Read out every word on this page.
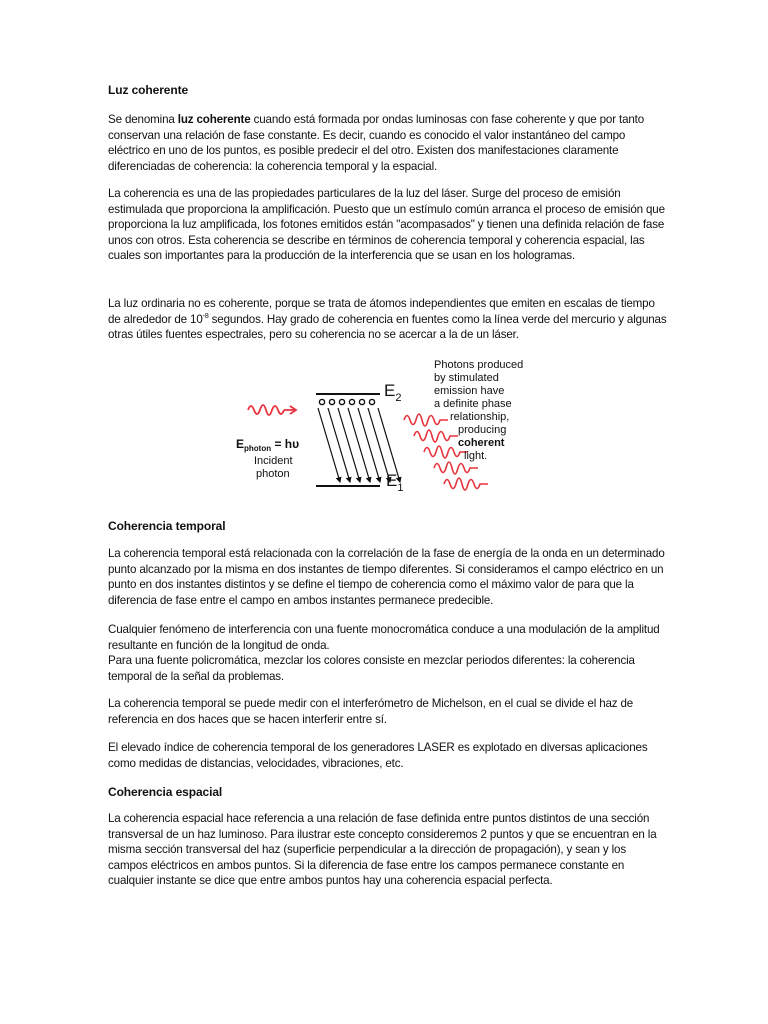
Luz coherente

Se denomina luz coherente cuando está formada por ondas luminosas con fase coherente y que por tanto conservan una relación de fase constante. Es decir, cuando es conocido el valor instantáneo del campo eléctrico en uno de los puntos, es posible predecir el del otro. Existen dos manifestaciones claramente diferenciadas de coherencia: la coherencia temporal y la espacial.

La coherencia es una de las propiedades particulares de la luz del láser. Surge del proceso de emisión estimulada que proporciona la amplificación. Puesto que un estímulo común arranca el proceso de emisión que proporciona la luz amplificada, los fotones emitidos están "acompasados" y tienen una definida relación de fase unos con otros. Esta coherencia se describe en términos de coherencia temporal y coherencia espacial, las cuales son importantes para la producción de la interferencia que se usan en los hologramas.

La luz ordinaria no es coherente, porque se trata de átomos independientes que emiten en escalas de tiempo de alrededor de $10^{-8}$ segundos. Hay grado de coherencia en fuentes como la línea verde del mercurio y algunas otras útiles fuentes espectrales, pero su coherencia no se acercar a la de un láser.

$E_2$
$E_1$
$E_{photon} = h\upsilon$
Incident
photon
Photons produced
by stimulated
emission have
a definite phase
relationship,
producing
coherent
light.
Coherencia temporal

La coherencia temporal está relacionada con la correlación de la fase de energía de la onda en un determinado punto alcanzado por la misma en dos instantes de tiempo diferentes. Si consideramos el campo eléctrico en un punto en dos instantes distintos y se define el tiempo de coherencia como el máximo valor de para que la diferencia de fase entre el campo en ambos instantes permanece predecible.

Cualquier fenómeno de interferencia con una fuente monocromática conduce a una modulación de la amplitud resultante en función de la longitud de onda.
Para una fuente policromática, mezclar los colores consiste en mezclar periodos diferentes: la coherencia temporal de la señal da problemas.

La coherencia temporal se puede medir con el interferómetro de Michelson, en el cual se divide el haz de referencia en dos haces que se hacen interferir entre sí.

El elevado índice de coherencia temporal de los generadores LASER es explotado en diversas aplicaciones como medidas de distancias, velocidades, vibraciones, etc.

Coherencia espacial

La coherencia espacial hace referencia a una relación de fase definida entre puntos distintos de una sección transversal de un haz luminoso. Para ilustrar este concepto consideremos 2 puntos y que se encuentran en la misma sección transversal del haz (superficie perpendicular a la dirección de propagación), y sean y los campos eléctricos en ambos puntos. Si la diferencia de fase entre los campos permanece constante en cualquier instante se dice que entre ambos puntos hay una coherencia espacial perfecta.
